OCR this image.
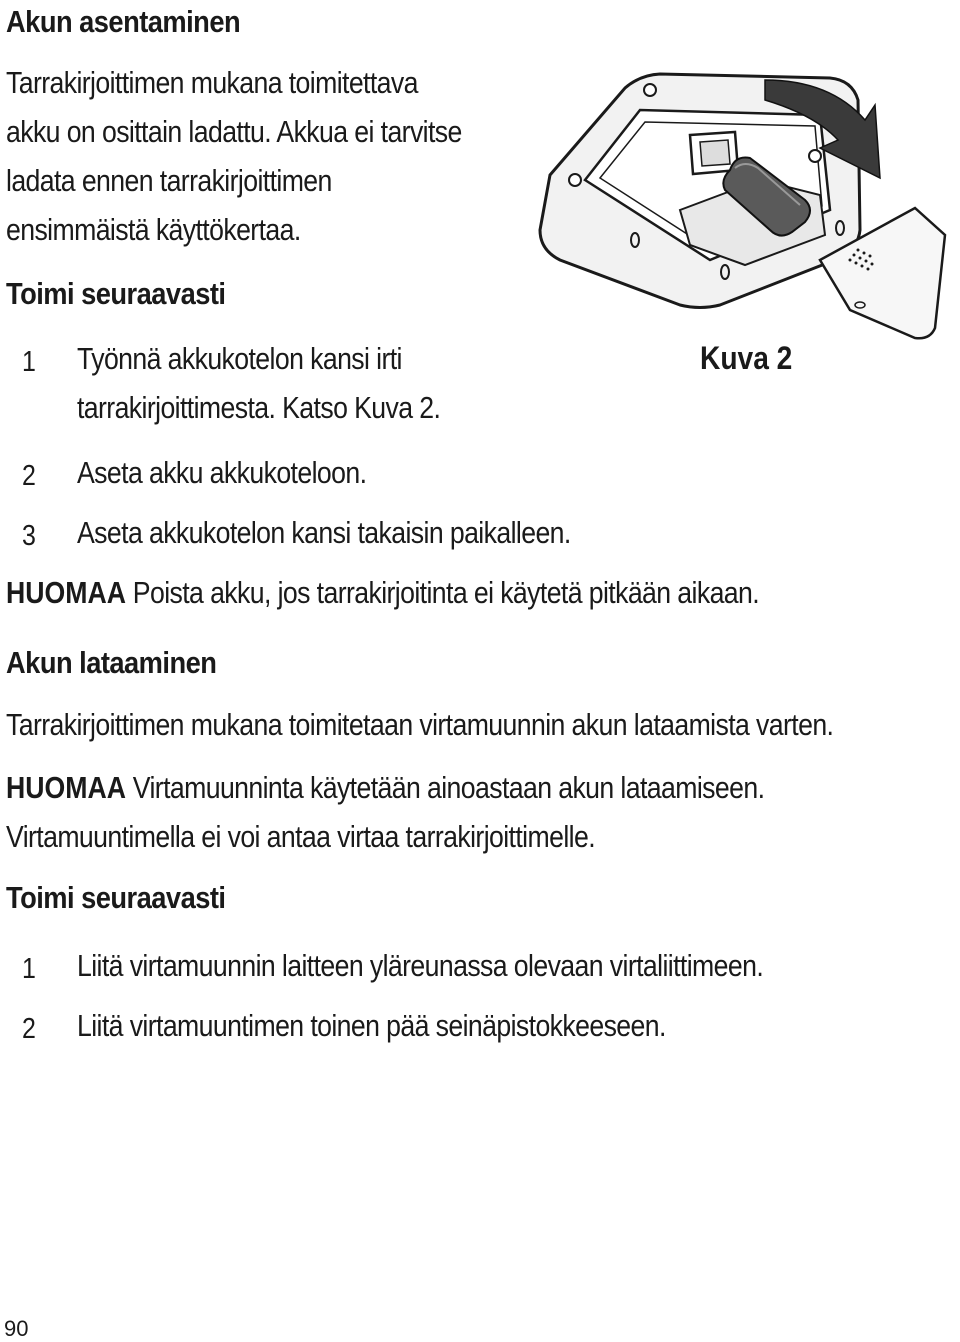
Akun asentaminen
Tarrakirjoittimen mukana toimitettava
akku on osittain ladattu. Akkua ei tarvitse
ladata ennen tarrakirjoittimen
ensimmäistä käyttökertaa.
Toimi seuraavasti
1 Työnnä akkukotelon kansi irti
tarrakirjoittimesta. Katso Kuva 2.
2 Aseta akku akkukoteloon.
3 Aseta akkukotelon kansi takaisin paikalleen.
HUOMAA Poista akku, jos tarrakirjoitinta ei käytetä pitkään aikaan.
Kuva 2
Akun lataaminen
Tarrakirjoittimen mukana toimitetaan virtamuunnin akun lataamista varten.
HUOMAA Virtamuunninta käytetään ainoastaan akun lataamiseen.
Virtamuuntimella ei voi antaa virtaa tarrakirjoittimelle.
Toimi seuraavasti
1 Liitä virtamuunnin laitteen yläreunassa olevaan virtaliittimeen.
2 Liitä virtamuuntimen toinen pää seinäpistokkeeseen.
90
